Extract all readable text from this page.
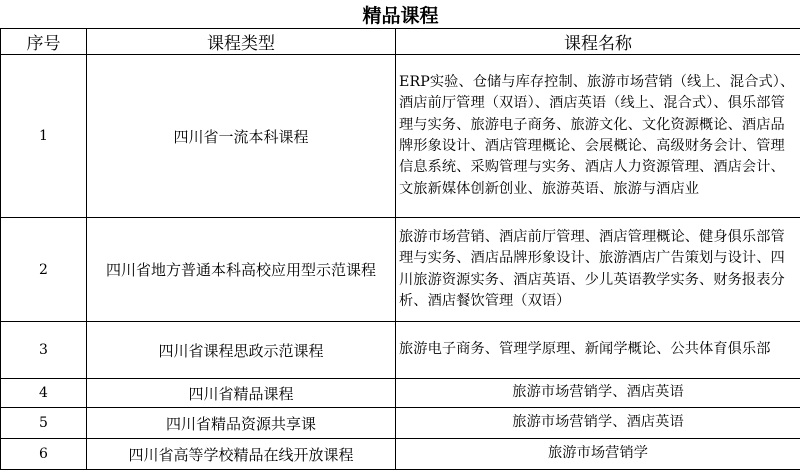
精品课程		
序号	课程类型	课程名称
1	四川省一流本科课程	ERP实验、仓储与库存控制、旅游市场营销（线上、混合式）、酒店前厅管理（双语）、酒店英语（线上、混合式）、俱乐部管理与实务、旅游电子商务、旅游文化、文化资源概论、酒店品牌形象设计、酒店管理概论、会展概论、高级财务会计、管理信息系统、采购管理与实务、酒店人力资源管理、酒店会计、文旅新媒体创新创业、旅游英语、旅游与酒店业
2	四川省地方普通本科高校应用型示范课程	旅游市场营销、酒店前厅管理、酒店管理概论、健身俱乐部管理与实务、酒店品牌形象设计、旅游酒店广告策划与设计、四川旅游资源实务、酒店英语、少儿英语教学实务、财务报表分析、酒店餐饮管理（双语）
3	四川省课程思政示范课程	旅游电子商务、管理学原理、新闻学概论、公共体育俱乐部
4	四川省精品课程	旅游市场营销学、酒店英语
5	四川省精品资源共享课	旅游市场营销学、酒店英语
6	四川省高等学校精品在线开放课程	旅游市场营销学
